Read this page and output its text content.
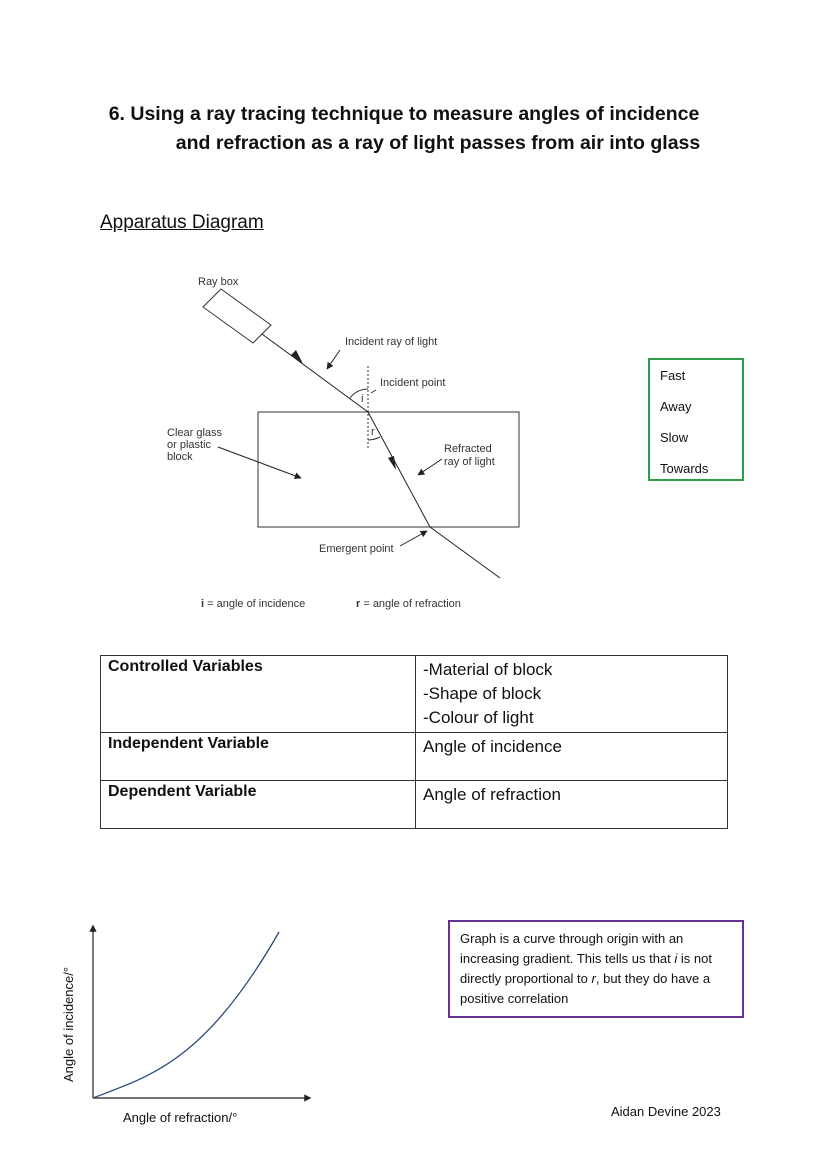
6. Using a ray tracing technique to measure angles of incidence
and refraction as a ray of light passes from air into glass
Apparatus Diagram
Ray box
Incident ray of light
Incident point
i
r
Clear glass
or plastic
block
Refracted
ray of light
Emergent point
i = angle of incidence	r = angle of refraction
Fast
Away
Slow
Towards
Controlled Variables	-Material of block
-Shape of block
-Colour of light

Independent Variable	Angle of incidence
Dependent Variable	Angle of refraction
Angle of incidence/°
Angle of refraction/°
Graph is a curve through origin with an increasing gradient. This tells us that i is not directly proportional to r, but they do have a positive correlation
Aidan Devine 2023
